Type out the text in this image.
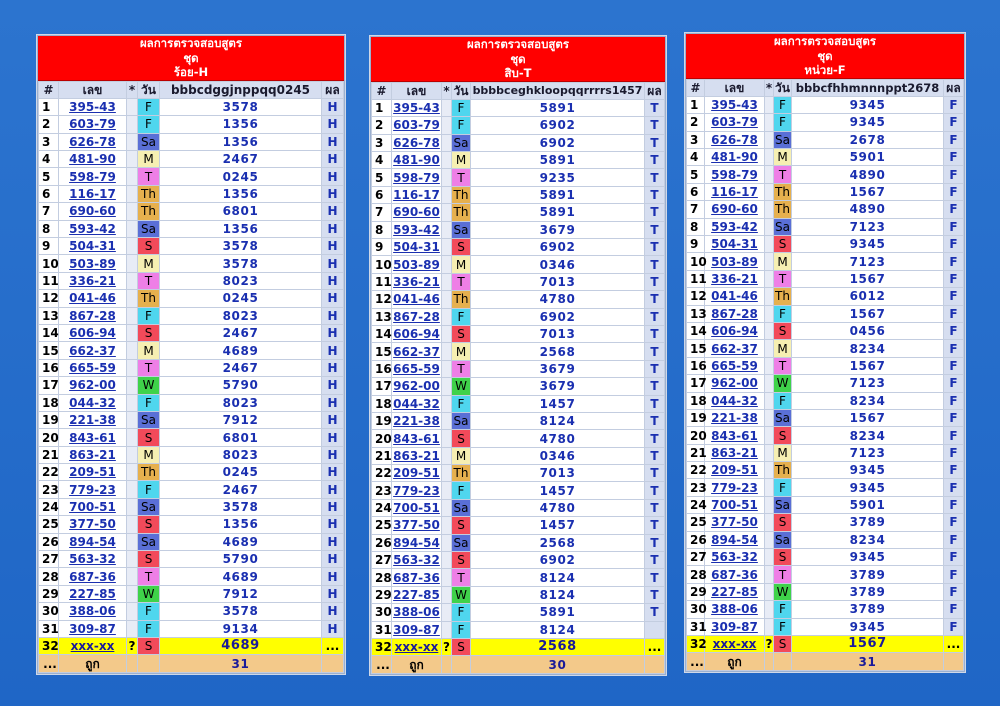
ผลการตรวจสอบสูตร
ชุด
ร้อย-H
#	เลข	*	วัน	bbbcdggjnppqq0245	ผล
1	395-43		F	3578	H
2	603-79		F	1356	H
3	626-78		Sa	1356	H
4	481-90		M	2467	H
5	598-79		T	0245	H
6	116-17		Th	1356	H
7	690-60		Th	6801	H
8	593-42		Sa	1356	H
9	504-31		S	3578	H
10	503-89		M	3578	H
11	336-21		T	8023	H
12	041-46		Th	0245	H
13	867-28		F	8023	H
14	606-94		S	2467	H
15	662-37		M	4689	H
16	665-59		T	2467	H
17	962-00		W	5790	H
18	044-32		F	8023	H
19	221-38		Sa	7912	H
20	843-61		S	6801	H
21	863-21		M	8023	H
22	209-51		Th	0245	H
23	779-23		F	2467	H
24	700-51		Sa	3578	H
25	377-50		S	1356	H
26	894-54		Sa	4689	H
27	563-32		S	5790	H
28	687-36		T	4689	H
29	227-85		W	7912	H
30	388-06		F	3578	H
31	309-87		F	9134	H
32	xxx-xx	?	S	4689	...
...	ถูก			31	
ผลการตรวจสอบสูตร
ชุด
สิบ-T
#	เลข	*	วัน	bbbbceghkloopqqrrrrs1457	ผล
1	395-43		F	5891	T
2	603-79		F	6902	T
3	626-78		Sa	6902	T
4	481-90		M	5891	T
5	598-79		T	9235	T
6	116-17		Th	5891	T
7	690-60		Th	5891	T
8	593-42		Sa	3679	T
9	504-31		S	6902	T
10	503-89		M	0346	T
11	336-21		T	7013	T
12	041-46		Th	4780	T
13	867-28		F	6902	T
14	606-94		S	7013	T
15	662-37		M	2568	T
16	665-59		T	3679	T
17	962-00		W	3679	T
18	044-32		F	1457	T
19	221-38		Sa	8124	T
20	843-61		S	4780	T
21	863-21		M	0346	T
22	209-51		Th	7013	T
23	779-23		F	1457	T
24	700-51		Sa	4780	T
25	377-50		S	1457	T
26	894-54		Sa	2568	T
27	563-32		S	6902	T
28	687-36		T	8124	T
29	227-85		W	8124	T
30	388-06		F	5891	T
31	309-87		F	8124	
32	xxx-xx	?	S	2568	...
...	ถูก			30	
ผลการตรวจสอบสูตร
ชุด
หน่วย-F
#	เลข	*	วัน	bbbcfhhmnnnppt2678	ผล
1	395-43		F	9345	F
2	603-79		F	9345	F
3	626-78		Sa	2678	F
4	481-90		M	5901	F
5	598-79		T	4890	F
6	116-17		Th	1567	F
7	690-60		Th	4890	F
8	593-42		Sa	7123	F
9	504-31		S	9345	F
10	503-89		M	7123	F
11	336-21		T	1567	F
12	041-46		Th	6012	F
13	867-28		F	1567	F
14	606-94		S	0456	F
15	662-37		M	8234	F
16	665-59		T	1567	F
17	962-00		W	7123	F
18	044-32		F	8234	F
19	221-38		Sa	1567	F
20	843-61		S	8234	F
21	863-21		M	7123	F
22	209-51		Th	9345	F
23	779-23		F	9345	F
24	700-51		Sa	5901	F
25	377-50		S	3789	F
26	894-54		Sa	8234	F
27	563-32		S	9345	F
28	687-36		T	3789	F
29	227-85		W	3789	F
30	388-06		F	3789	F
31	309-87		F	9345	F
32	xxx-xx	?	S	1567	...
...	ถูก			31	
